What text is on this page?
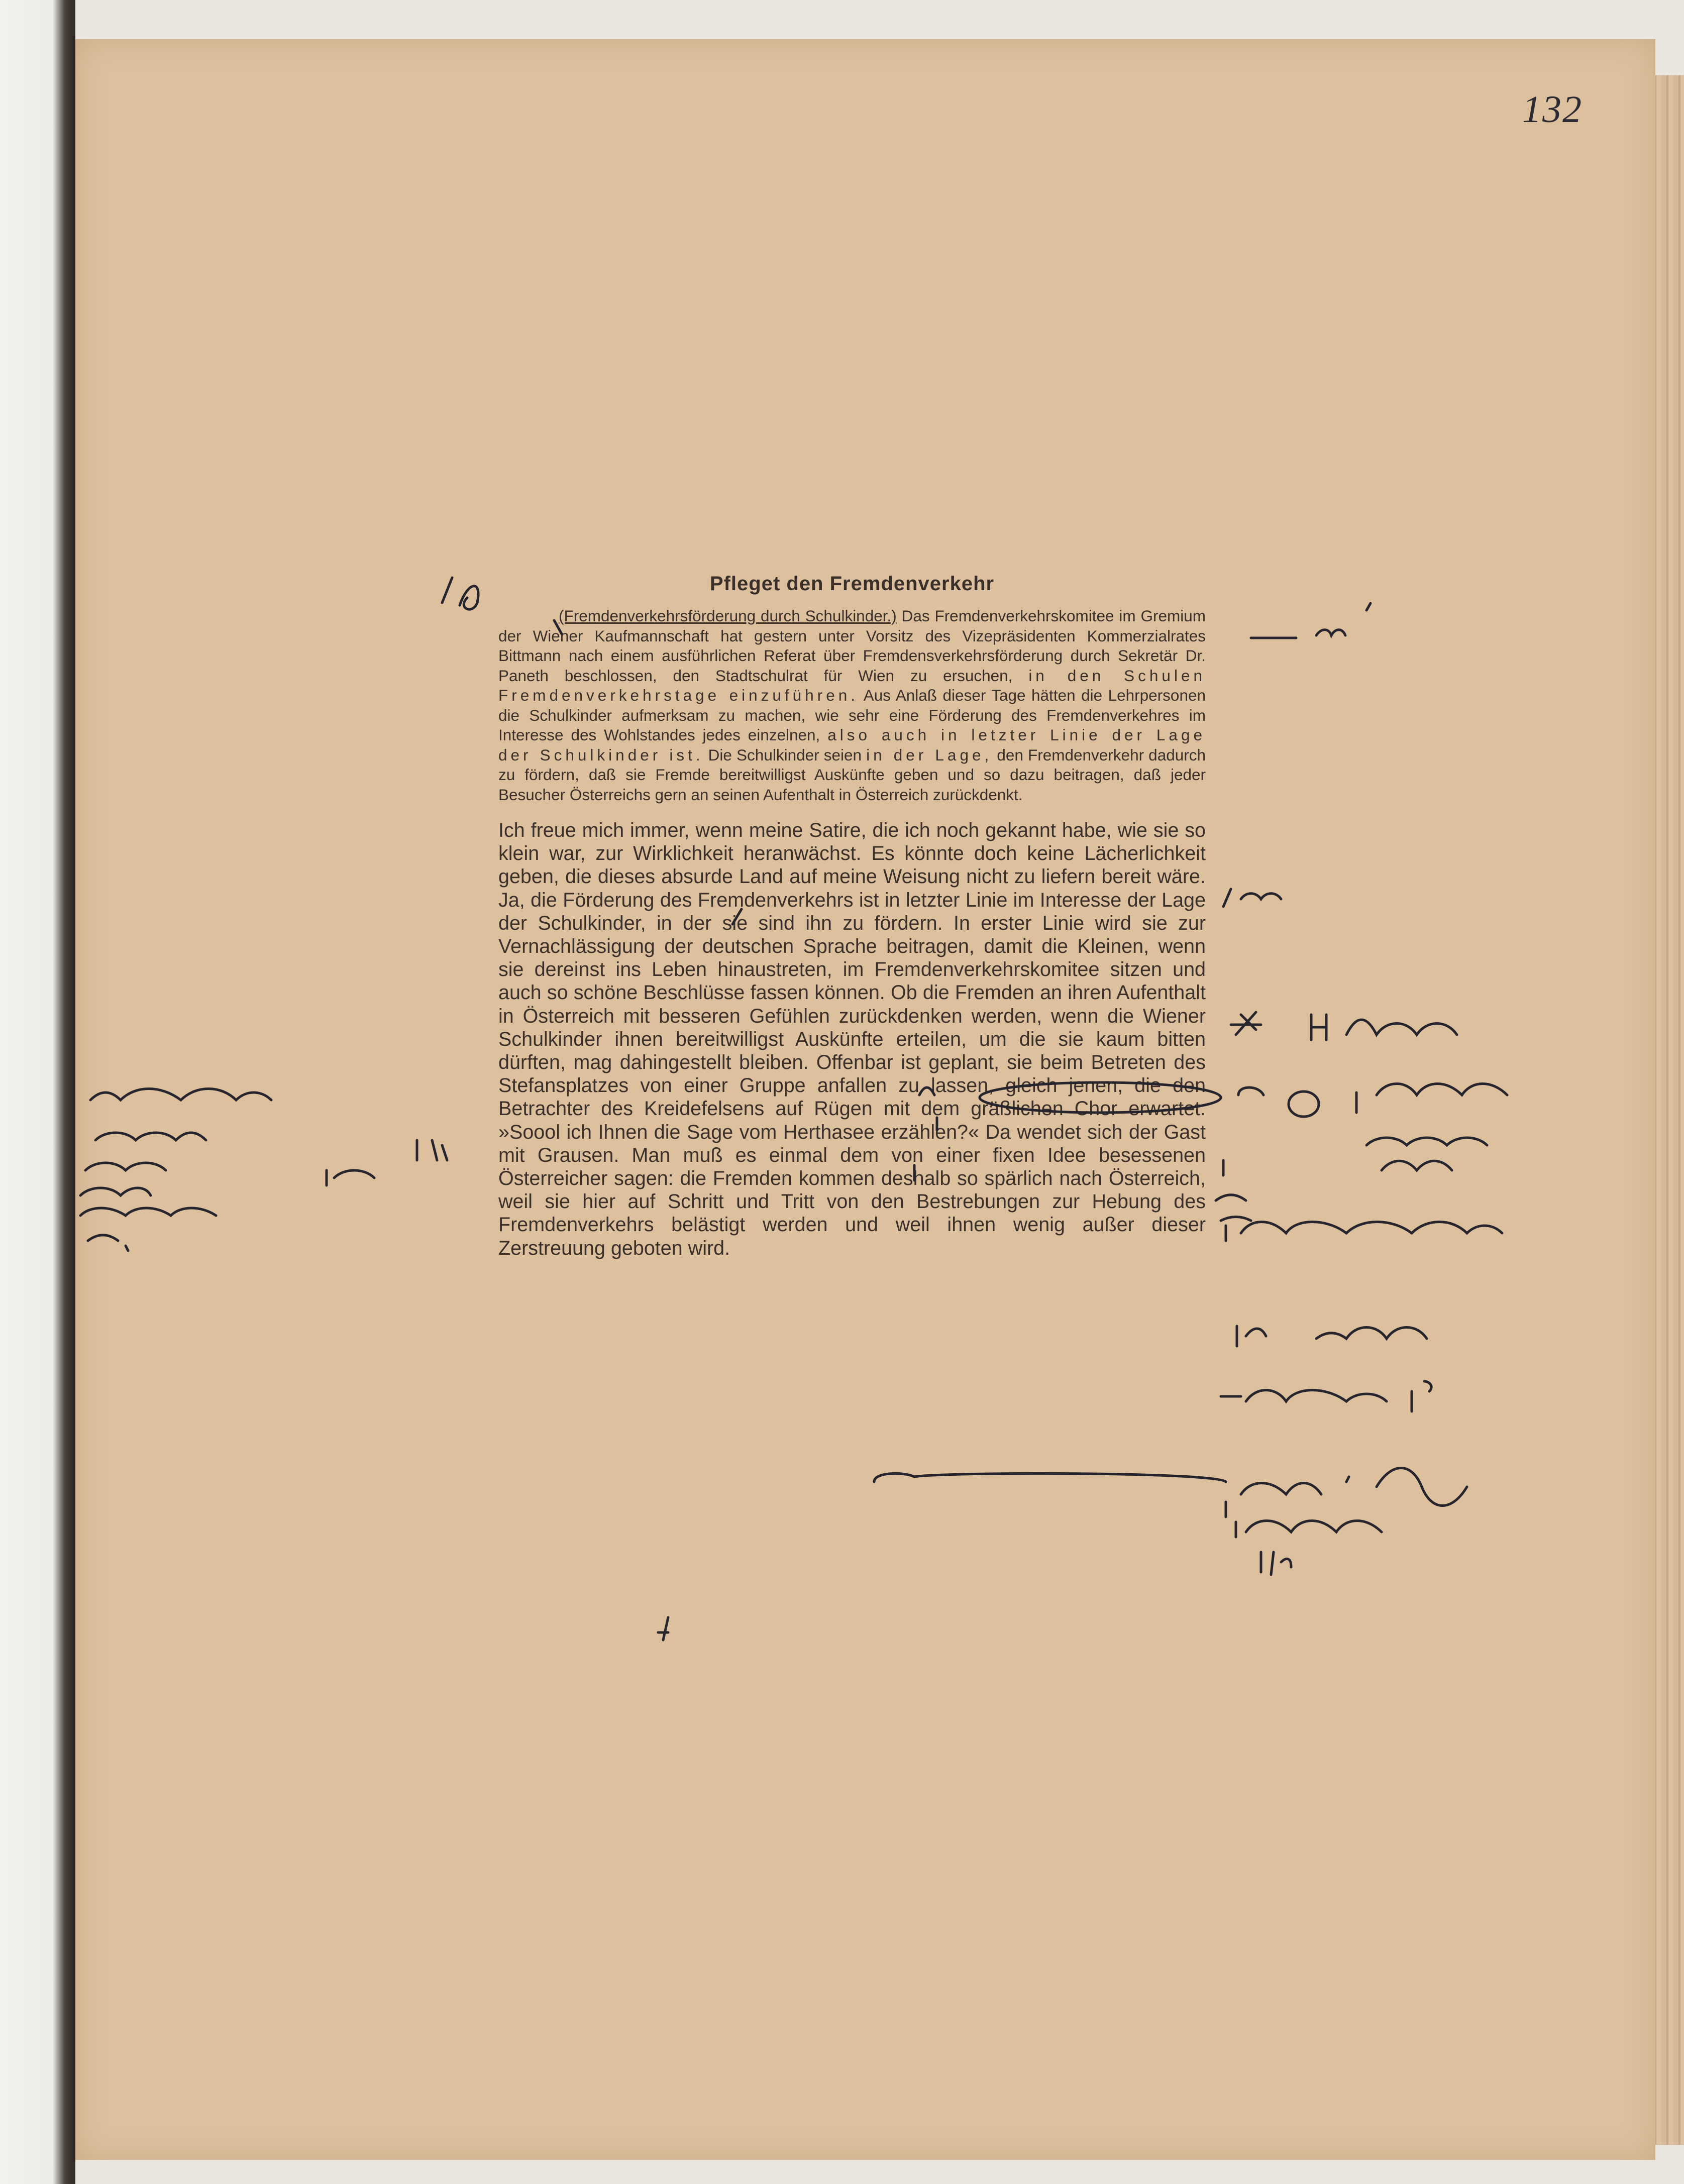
132
Pfleget den Fremdenverkehr

(Fremdenverkehrsförderung durch Schulkinder.) Das Fremdenverkehrskomitee im Gremium der Wiener Kaufmannschaft hat gestern unter Vorsitz des Vizepräsidenten Kommerzialrates Bittmann nach einem ausführlichen Referat über Fremdensverkehrsförderung durch Sekretär Dr. Paneth beschlossen, den Stadtschulrat für Wien zu ersuchen, in den Schulen Fremdenverkehrstage einzuführen. Aus Anlaß dieser Tage hätten die Lehrpersonen die Schulkinder aufmerksam zu machen, wie sehr eine Förderung des Fremdenverkehres im Interesse des Wohlstandes jedes einzelnen, also auch in letzter Linie der Lage der Schulkinder ist. Die Schulkinder seien in der Lage, den Fremdenverkehr dadurch zu fördern, daß sie Fremde bereitwilligst Auskünfte geben und so dazu beitragen, daß jeder Besucher Österreichs gern an seinen Aufenthalt in Österreich zurückdenkt.

Ich freue mich immer, wenn meine Satire, die ich noch gekannt habe, wie sie so klein war, zur Wirklichkeit heranwächst. Es könnte doch keine Lächerlichkeit geben, die dieses absurde Land auf meine Weisung nicht zu liefern bereit wäre. Ja, die Förderung des Fremdenverkehrs ist in letzter Linie im Interesse der Lage der Schulkinder, in der sie sind ihn zu fördern. In erster Linie wird sie zur Vernachlässigung der deutschen Sprache beitragen, damit die Kleinen, wenn sie dereinst ins Leben hinaustreten, im Fremdenverkehrskomitee sitzen und auch so schöne Beschlüsse fassen können. Ob die Fremden an ihren Aufenthalt in Österreich mit besseren Gefühlen zurückdenken werden, wenn die Wiener Schulkinder ihnen bereitwilligst Auskünfte erteilen, um die sie kaum bitten dürften, mag dahingestellt bleiben. Offenbar ist geplant, sie beim Betreten des Stefansplatzes von einer Gruppe anfallen zu lassen, gleich jenen, die den Betrachter des Kreidefelsens auf Rügen mit dem gräßlichen Chor erwartet: »Soool ich Ihnen die Sage vom Herthasee erzählen?« Da wendet sich der Gast mit Grausen. Man muß es einmal dem von einer fixen Idee besessenen Österreicher sagen: die Fremden kommen deshalb so spärlich nach Österreich, weil sie hier auf Schritt und Tritt von den Bestrebungen zur Hebung des Fremdenverkehrs belästigt werden und weil ihnen wenig außer dieser Zerstreuung geboten wird.
